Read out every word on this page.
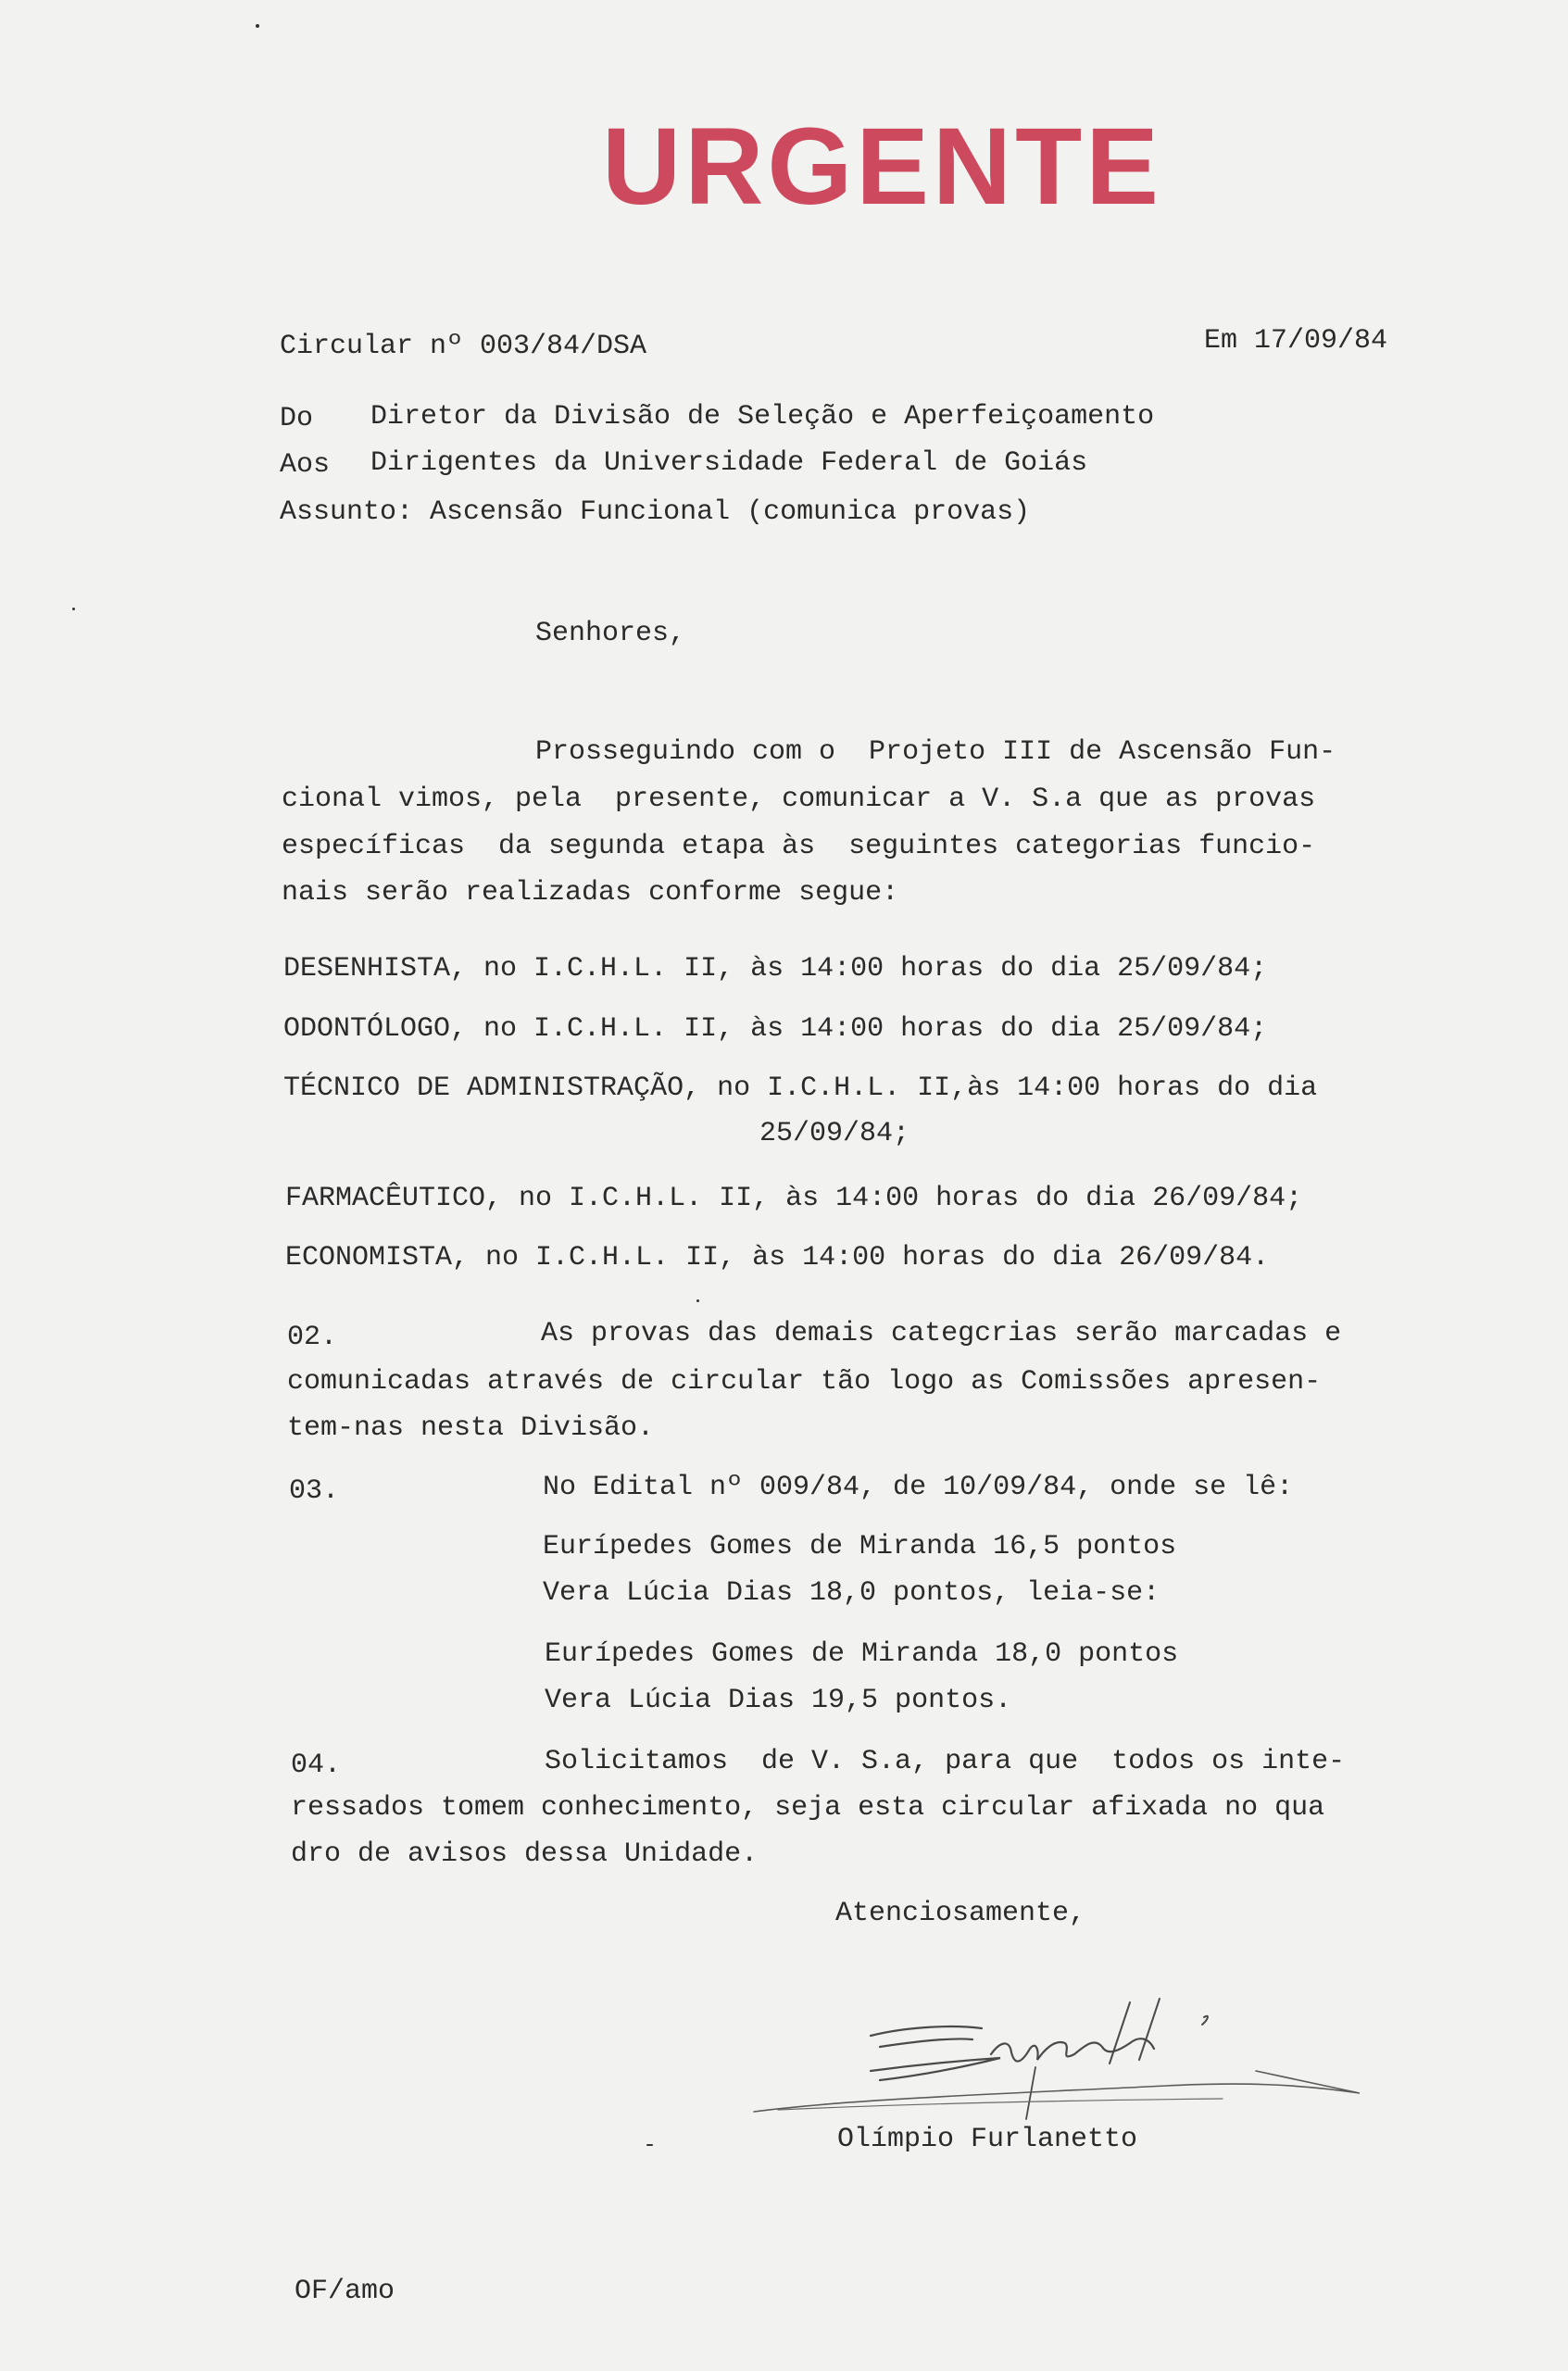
URGENTE
Circular nº 003/84/DSA	Em 17/09/84
Do Diretor da Divisão de Seleção e Aperfeiçoamento
Aos Dirigentes da Universidade Federal de Goiás
Assunto: Ascensão Funcional (comunica provas)
Senhores,
Prosseguindo com o  Projeto III de Ascensão Fun-
cional vimos, pela  presente, comunicar a V. S.a que as provas
específicas  da segunda etapa às  seguintes categorias funcio-
nais serão realizadas conforme segue:
DESENHISTA, no I.C.H.L. II, às 14:00 horas do dia 25/09/84;
ODONTÓLOGO, no I.C.H.L. II, às 14:00 horas do dia 25/09/84;
TÉCNICO DE ADMINISTRAÇÃO, no I.C.H.L. II,às 14:00 horas do dia
25/09/84;
FARMACÊUTICO, no I.C.H.L. II, às 14:00 horas do dia 26/09/84;
ECONOMISTA, no I.C.H.L. II, às 14:00 horas do dia 26/09/84.
02.	As provas das demais categcrias serão marcadas e
comunicadas através de circular tão logo as Comissões apresen-
tem-nas nesta Divisão.
03.	No Edital nº 009/84, de 10/09/84, onde se lê:
Eurípedes Gomes de Miranda 16,5 pontos
Vera Lúcia Dias 18,0 pontos, leia-se:
Eurípedes Gomes de Miranda 18,0 pontos
Vera Lúcia Dias 19,5 pontos.
04.	Solicitamos  de V. S.a, para que  todos os inte-
ressados tomem conhecimento, seja esta circular afixada no qua
dro de avisos dessa Unidade.
Atenciosamente,
Olímpio Furlanetto
OF/amo
